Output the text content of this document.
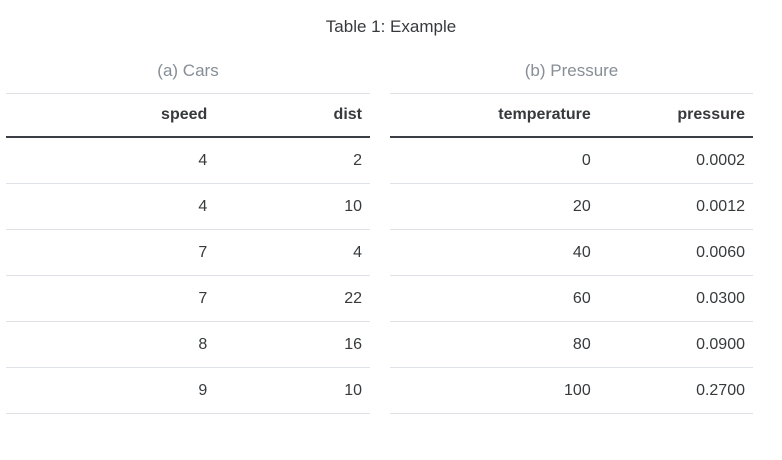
Table 1: Example
(a) Cars
speed	dist
4	2
4	10
7	4
7	22
8	16
9	10
(b) Pressure
temperature	pressure
0	0.0002
20	0.0012
40	0.0060
60	0.0300
80	0.0900
100	0.2700
